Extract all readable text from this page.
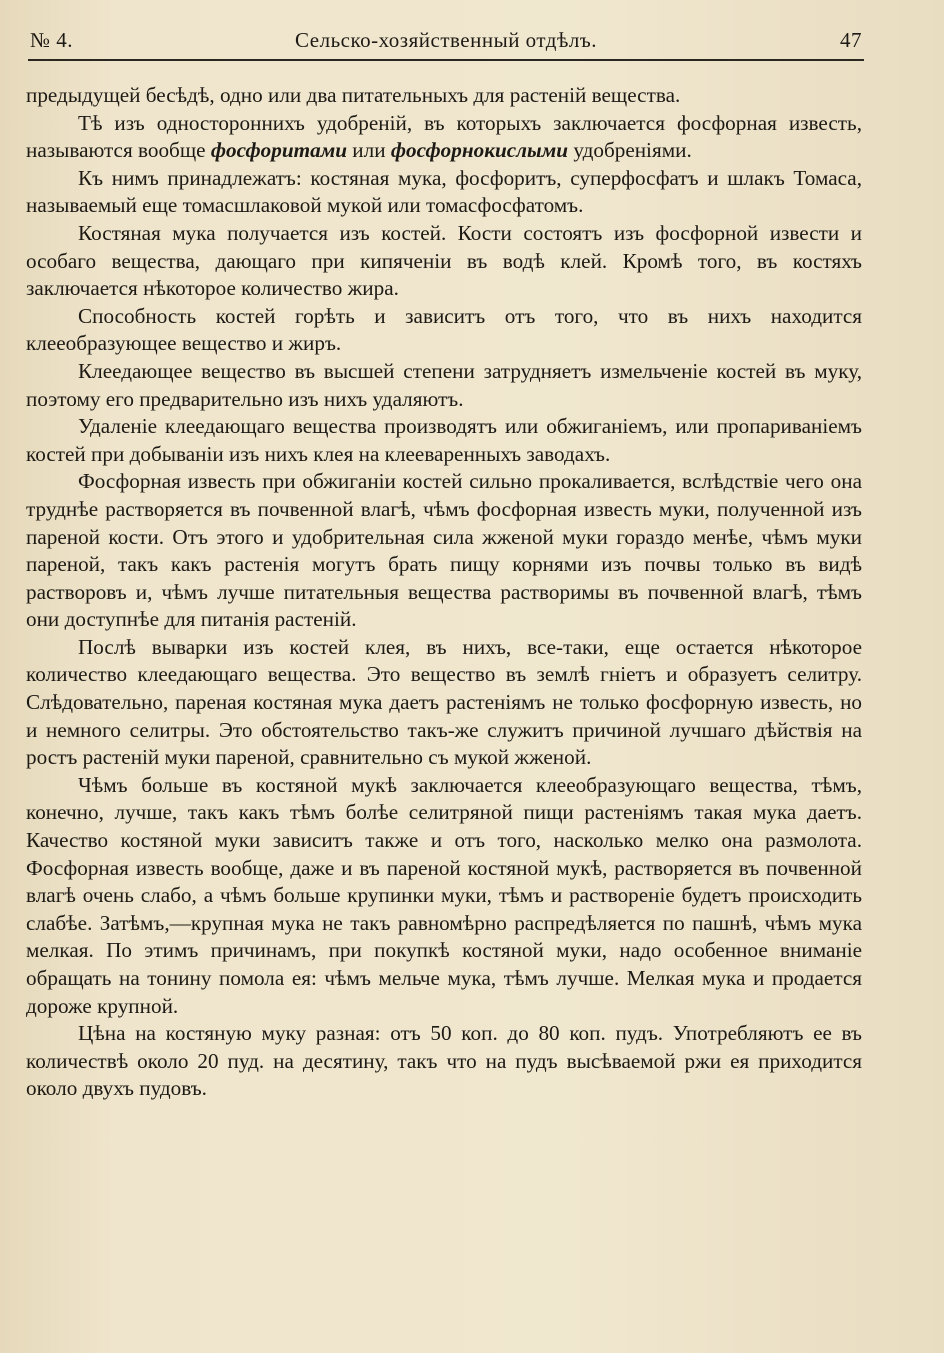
№ 4.	Сельско-хозяйственный отдѣлъ.	47

предыдущей бесѣдѣ, одно или два питательныхъ для растеній вещества.

Тѣ изъ одностороннихъ удобреній, въ которыхъ заключается фосфорная известь, называются вообще фосфоритами или фосфорнокислыми удобреніями.

Къ нимъ принадлежатъ: костяная мука, фосфоритъ, суперфосфатъ и шлакъ Томаса, называемый еще томасшлаковой мукой или томасфосфатомъ.

Костяная мука получается изъ костей. Кости состоятъ изъ фосфорной извести и особаго вещества, дающаго при кипяченіи въ водѣ клей. Кромѣ того, въ костяхъ заключается нѣкоторое количество жира.

Способность костей горѣть и зависитъ отъ того, что въ нихъ находится клееобразующее вещество и жиръ.

Клеедающее вещество въ высшей степени затрудняетъ измельченіе костей въ муку, поэтому его предварительно изъ нихъ удаляютъ.

Удаленіе клеедающаго вещества производятъ или обжиганіемъ, или пропариваніемъ костей при добываніи изъ нихъ клея на клееваренныхъ заводахъ.

Фосфорная известь при обжиганіи костей сильно прокаливается, вслѣдствіе чего она труднѣе растворяется въ почвенной влагѣ, чѣмъ фосфорная известь муки, полученной изъ пареной кости. Отъ этого и удобрительная сила жженой муки гораздо менѣе, чѣмъ муки пареной, такъ какъ растенія могутъ брать пищу корнями изъ почвы только въ видѣ растворовъ и, чѣмъ лучше питательныя вещества растворимы въ почвенной влагѣ, тѣмъ они доступнѣе для питанія растеній.

Послѣ выварки изъ костей клея, въ нихъ, все-таки, еще остается нѣкоторое количество клеедающаго вещества. Это вещество въ землѣ гніетъ и образуетъ селитру. Слѣдовательно, пареная костяная мука даетъ растеніямъ не только фосфорную известь, но и немного селитры. Это обстоятельство такъ-же служитъ причиной лучшаго дѣйствія на ростъ растеній муки пареной, сравнительно съ мукой жженой.

Чѣмъ больше въ костяной мукѣ заключается клееобразующаго вещества, тѣмъ, конечно, лучше, такъ какъ тѣмъ болѣе селитряной пищи растеніямъ такая мука даетъ. Качество костяной муки зависитъ также и отъ того, насколько мелко она размолота. Фосфорная известь вообще, даже и въ пареной костяной мукѣ, растворяется въ почвенной влагѣ очень слабо, а чѣмъ больше крупинки муки, тѣмъ и раствореніе будетъ происходить слабѣе. Затѣмъ,—крупная мука не такъ равномѣрно распредѣляется по пашнѣ, чѣмъ мука мелкая. По этимъ причинамъ, при покупкѣ костяной муки, надо особенное вниманіе обращать на тонину помола ея: чѣмъ мельче мука, тѣмъ лучше. Мелкая мука и продается дороже крупной.

Цѣна на костяную муку разная: отъ 50 коп. до 80 коп. пудъ. Употребляютъ ее въ количествѣ около 20 пуд. на десятину, такъ что на пудъ высѣваемой ржи ея приходится около двухъ пудовъ.
